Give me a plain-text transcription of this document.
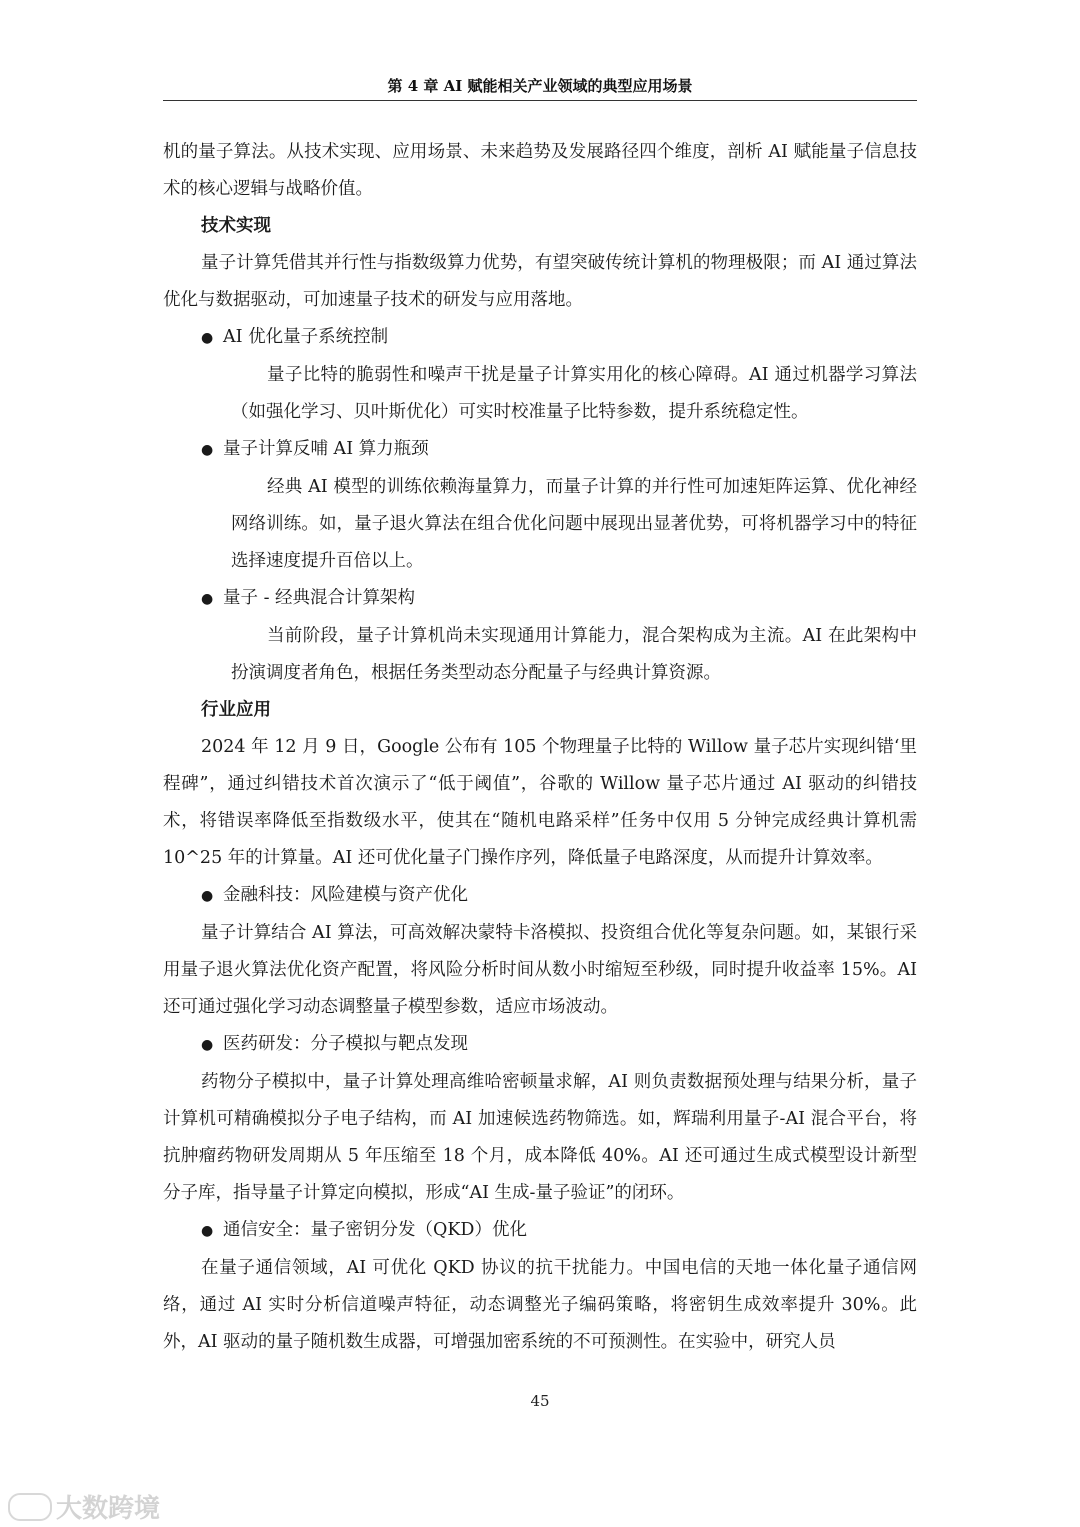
第 4 章 AI 赋能相关产业领域的典型应用场景

机的量子算法。从技术实现、应用场景、未来趋势及发展路径四个维度，剖析 AI 赋能量子信息技术的核心逻辑与战略价值。

技术实现

量子计算凭借其并行性与指数级算力优势，有望突破传统计算机的物理极限；而 AI 通过算法优化与数据驱动，可加速量子技术的研发与应用落地。

● AI 优化量子系统控制

量子比特的脆弱性和噪声干扰是量子计算实用化的核心障碍。AI 通过机器学习算法（如强化学习、贝叶斯优化）可实时校准量子比特参数，提升系统稳定性。

● 量子计算反哺 AI 算力瓶颈

经典 AI 模型的训练依赖海量算力，而量子计算的并行性可加速矩阵运算、优化神经网络训练。如，量子退火算法在组合优化问题中展现出显著优势，可将机器学习中的特征选择速度提升百倍以上。

● 量子 - 经典混合计算架构

当前阶段，量子计算机尚未实现通用计算能力，混合架构成为主流。AI 在此架构中扮演调度者角色，根据任务类型动态分配量子与经典计算资源。

行业应用

2024 年 12 月 9 日，Google 公布有 105 个物理量子比特的 Willow 量子芯片实现纠错‘里程碑”，通过纠错技术首次演示了“低于阈值”，谷歌的 Willow 量子芯片通过 AI 驱动的纠错技术，将错误率降低至指数级水平，使其在“随机电路采样”任务中仅用 5 分钟完成经典计算机需 10^25 年的计算量。AI 还可优化量子门操作序列，降低量子电路深度，从而提升计算效率。

● 金融科技：风险建模与资产优化

量子计算结合 AI 算法，可高效解决蒙特卡洛模拟、投资组合优化等复杂问题。如，某银行采用量子退火算法优化资产配置，将风险分析时间从数小时缩短至秒级，同时提升收益率 15%。AI 还可通过强化学习动态调整量子模型参数，适应市场波动。

● 医药研发：分子模拟与靶点发现

药物分子模拟中，量子计算处理高维哈密顿量求解，AI 则负责数据预处理与结果分析，量子计算机可精确模拟分子电子结构，而 AI 加速候选药物筛选。如，辉瑞利用量子-AI 混合平台，将抗肿瘤药物研发周期从 5 年压缩至 18 个月，成本降低 40%。AI 还可通过生成式模型设计新型分子库，指导量子计算定向模拟，形成“AI 生成-量子验证”的闭环。

● 通信安全：量子密钥分发（QKD）优化

在量子通信领域，AI 可优化 QKD 协议的抗干扰能力。中国电信的天地一体化量子通信网络，通过 AI 实时分析信道噪声特征，动态调整光子编码策略，将密钥生成效率提升 30%。此外，AI 驱动的量子随机数生成器，可增强加密系统的不可预测性。在实验中，研究人员

45
大数跨境
